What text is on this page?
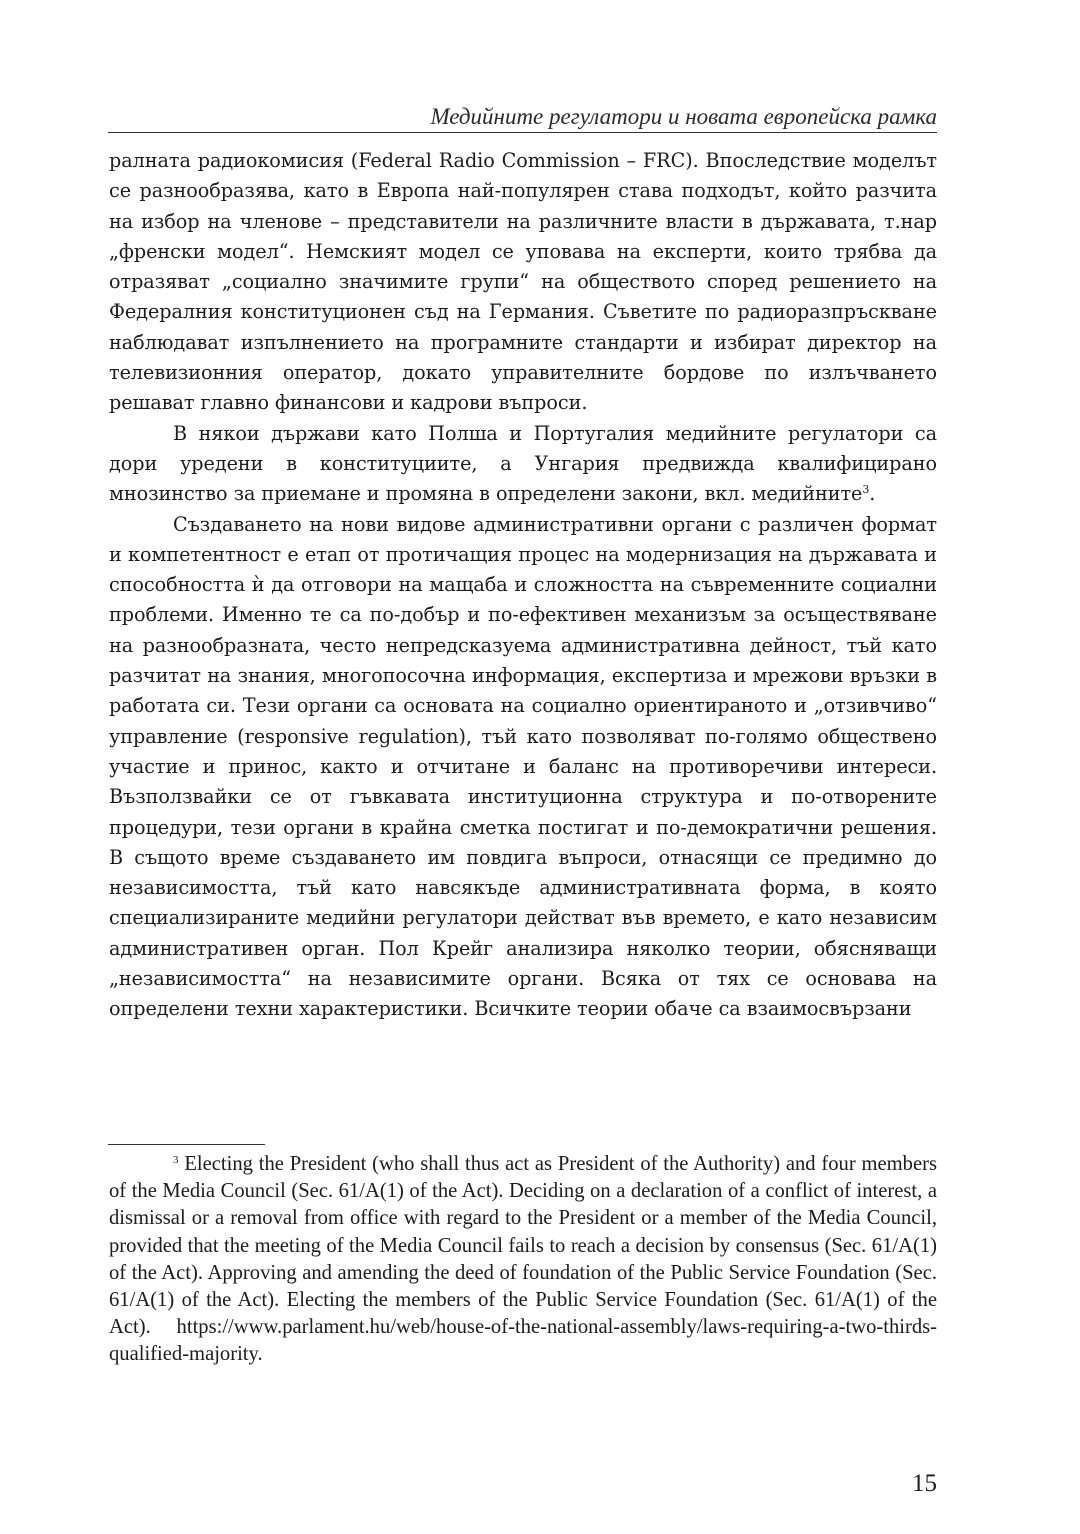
Медийните регулатори и новата европейска рамка

ралната радиокомисия (Federal Radio Commission – FRC). Впоследствие моделът се разнообразява, като в Европа най-популярен става подходът, който разчита на избор на членове – представители на различните власти в държавата, т.нар „френски модел“. Немският модел се уповава на експерти, които трябва да отразяват „социално значимите групи“ на обществото според решението на Федералния конституционен съд на Германия. Съветите по радиоразпръскване наблюдават изпълнението на програмните стандарти и избират директор на телевизионния оператор, докато управителните бордове по излъчването решават главно финансови и кадрови въпроси.

В някои държави като Полша и Португалия медийните регулатори са дори уредени в конституциите, а Унгария предвижда квалифицирано мнозинство за приемане и промяна в определени закони, вкл. медийните$^3$.

Създаването на нови видове административни органи с различен формат и компетентност е етап от протичащия процес на модернизация на държавата и способността ѝ да отговори на мащаба и сложността на съвременните социални проблеми. Именно те са по-добър и по-ефективен механизъм за осъществяване на разнообразната, често непредсказуема административна дейност, тъй като разчитат на знания, многопосочна информация, експертиза и мрежови връзки в работата си. Тези органи са основата на социално ориентираното и „отзивчиво“ управление (responsive regulation), тъй като позволяват по-голямо обществено участие и принос, както и отчитане и баланс на противоречиви интереси. Възползвайки се от гъвкавата институционна структура и по-отворените процедури, тези органи в крайна сметка постигат и по-демократични решения. В същото време създаването им повдига въпроси, отнасящи се предимно до независимостта, тъй като навсякъде административната форма, в която специализираните медийни регулатори действат във времето, е като независим административен орган. Пол Крейг анализира няколко теории, обясняващи „независимостта“ на независимите органи. Всяка от тях се основава на определени техни характеристики. Всичките теории обаче са взаимосвързани

$^3$ Electing the President (who shall thus act as President of the Authority) and four members of the Media Council (Sec. 61/A(1) of the Act). Deciding on a declaration of a conflict of interest, a dismissal or a removal from office with regard to the President or a member of the Media Council, provided that the meeting of the Media Council fails to reach a decision by consensus (Sec. 61/A(1) of the Act). Approving and amending the deed of foundation of the Public Service Foundation (Sec. 61/A(1) of the Act). Electing the members of the Public Service Foundation (Sec. 61/A(1) of the Act). https://www.parlament.hu/web/house-of-the-national-assembly/laws-requiring-a-two-thirds-qualified-majority.

15
